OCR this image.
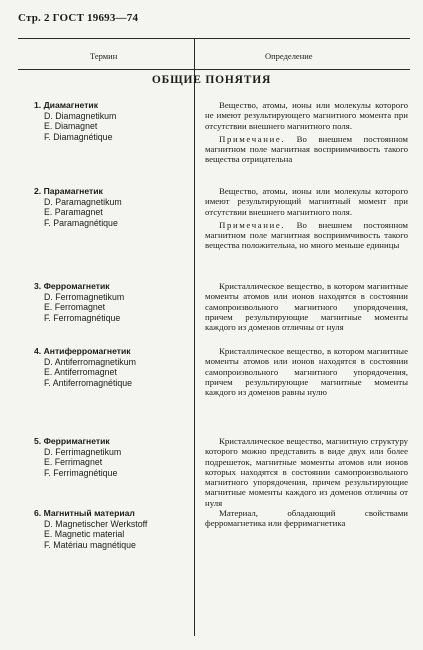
Стр. 2 ГОСТ 19693—74
Термин	Определение
ОБЩИЕ ПОНЯТИЯ
1. Диамагнетик
D. Diamagnetikum
E. Diamagnet
F. Diamagnétique

Вещество, атомы, ионы или молекулы которого не имеют результирующего магнитного момента при отсутствии внешнего магнитного поля.

Примечание. Во внешнем постоянном магнитном поле магнитная восприимчивость такого вещества отрицательна

2. Парамагнетик
D. Paramagnetikum
E. Paramagnet
F. Paramagnétique

Вещество, атомы, ионы или молекулы которого имеют результирующий магнитный момент при отсутствии внешнего магнитного поля.

Примечание. Во внешнем постоянном магнитном поле магнитная восприимчивость такого вещества положительна, но много меньше единицы

3. Ферромагнетик
D. Ferromagnetikum
E. Ferromagnet
F. Ferromagnétique

Кристаллическое вещество, в котором магнитные моменты атомов или ионов находятся в состоянии самопроизвольного магнитного упорядочения, причем результирующие магнитные моменты каждого из доменов отличны от нуля

4. Антиферромагнетик
D. Antiferromagnetikum
E. Antiferromagnet
F. Antiferromagnétique

Кристаллическое вещество, в котором магнитные моменты атомов или ионов находятся в состоянии самопроизвольного магнитного упорядочения, причем результирующие магнитные моменты каждого из доменов равны нулю

5. Ферримагнетик
D. Ferrimagnetikum
E. Ferrimagnet
F. Ferrimagnétique

Кристаллическое вещество, магнитную структуру которого можно представить в виде двух или более подрешеток, магнитные моменты атомов или ионов которых находятся в состоянии самопроизвольного магнитного упорядочения, причем результирующие магнитные моменты каждого из доменов отличны от нуля

6. Магнитный материал
D. Magnetischer Werkstoff
E. Magnetic material
F. Matériau magnétique

Материал, обладающий свойствами ферромагнетика или ферримагнетика
